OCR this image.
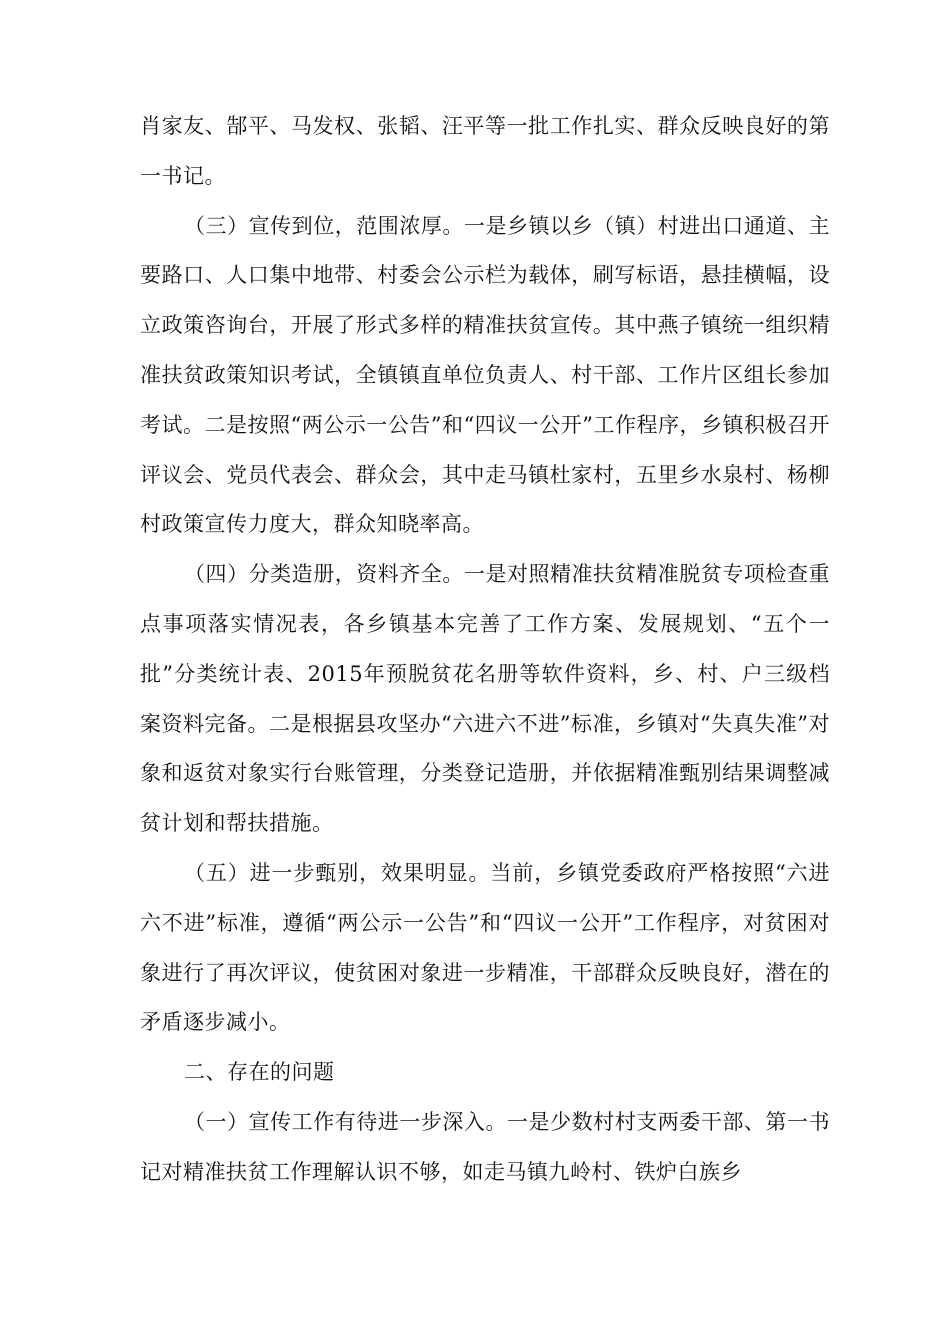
肖家友、郜平、马发权、张韬、汪平等一批工作扎实、群众反映良好的第一书记。

（三）宣传到位，范围浓厚。一是乡镇以乡（镇）村进出口通道、主要路口、人口集中地带、村委会公示栏为载体，刷写标语，悬挂横幅，设立政策咨询台，开展了形式多样的精准扶贫宣传。其中燕子镇统一组织精准扶贫政策知识考试，全镇镇直单位负责人、村干部、工作片区组长参加考试。二是按照“两公示一公告”和“四议一公开”工作程序，乡镇积极召开评议会、党员代表会、群众会，其中走马镇杜家村，五里乡水泉村、杨柳村政策宣传力度大，群众知晓率高。

（四）分类造册，资料齐全。一是对照精准扶贫精准脱贫专项检查重点事项落实情况表，各乡镇基本完善了工作方案、发展规划、“五个一批”分类统计表、2015年预脱贫花名册等软件资料，乡、村、户三级档案资料完备。二是根据县攻坚办“六进六不进”标准，乡镇对“失真失准”对象和返贫对象实行台账管理，分类登记造册，并依据精准甄别结果调整减贫计划和帮扶措施。

（五）进一步甄别，效果明显。当前，乡镇党委政府严格按照“六进六不进”标准，遵循“两公示一公告”和“四议一公开”工作程序，对贫困对象进行了再次评议，使贫困对象进一步精准，干部群众反映良好，潜在的矛盾逐步减小。

二、存在的问题

（一）宣传工作有待进一步深入。一是少数村村支两委干部、第一书记对精准扶贫工作理解认识不够，如走马镇九岭村、铁炉白族乡
